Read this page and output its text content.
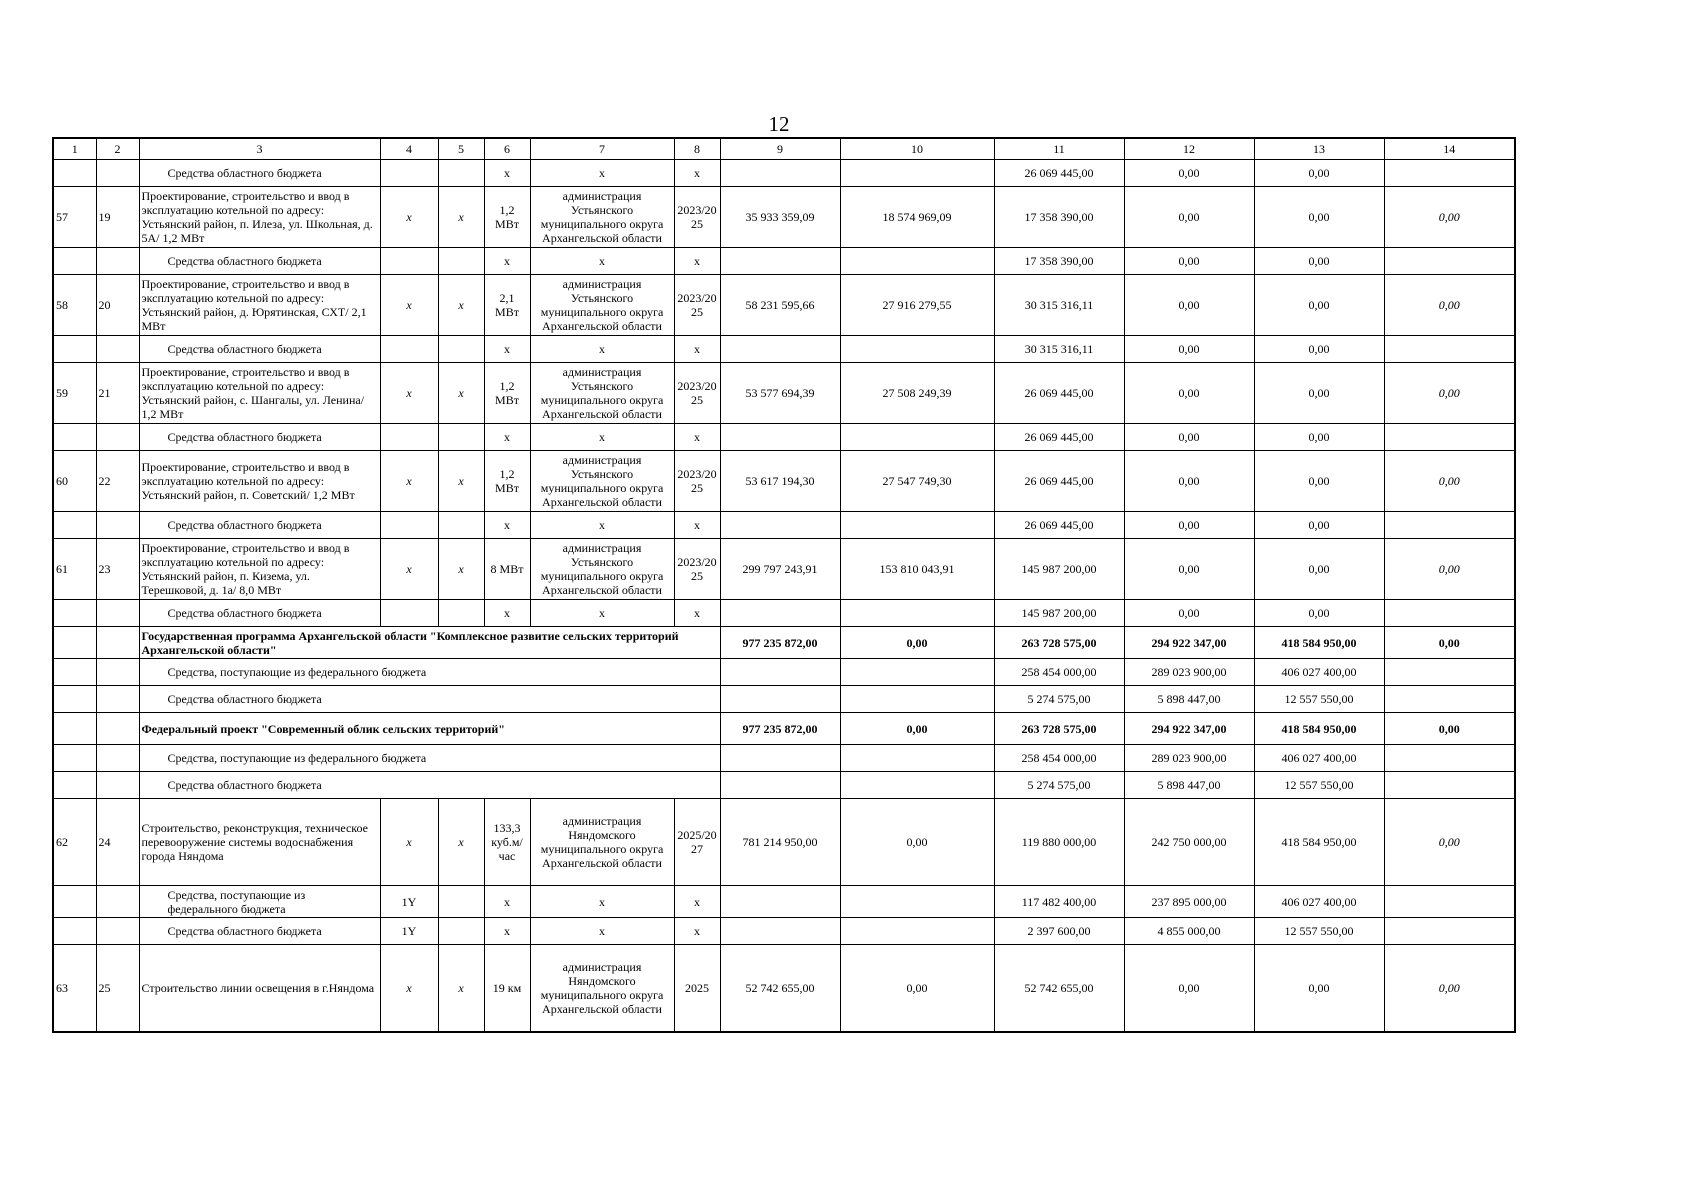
12
1	2	3	4	5	6	7	8	9	10	11	12	13	14
		Средства областного бюджета			x	x	x			26 069 445,00	0,00	0,00	
57	19	Проектирование, строительство и ввод в эксплуатацию котельной по адресу: Устьянский район, п. Илеза, ул. Школьная, д. 5А/ 1,2 МВт	x	x	1,2 МВт	администрация Устьянского муниципального округа Архангельской области	2023/2025	35 933 359,09	18 574 969,09	17 358 390,00	0,00	0,00	0,00
		Средства областного бюджета			x	x	x			17 358 390,00	0,00	0,00	
58	20	Проектирование, строительство и ввод в эксплуатацию котельной по адресу: Устьянский район, д. Юрятинская, СХТ/ 2,1 МВт	x	x	2,1 МВт	администрация Устьянского муниципального округа Архангельской области	2023/2025	58 231 595,66	27 916 279,55	30 315 316,11	0,00	0,00	0,00
		Средства областного бюджета			x	x	x			30 315 316,11	0,00	0,00	
59	21	Проектирование, строительство и ввод в эксплуатацию котельной по адресу: Устьянский район, с. Шангалы, ул. Ленина/ 1,2 МВт	x	x	1,2 МВт	администрация Устьянского муниципального округа Архангельской области	2023/2025	53 577 694,39	27 508 249,39	26 069 445,00	0,00	0,00	0,00
		Средства областного бюджета			x	x	x			26 069 445,00	0,00	0,00	
60	22	Проектирование, строительство и ввод в эксплуатацию котельной по адресу: Устьянский район, п. Советский/ 1,2 МВт	x	x	1,2 МВт	администрация Устьянского муниципального округа Архангельской области	2023/2025	53 617 194,30	27 547 749,30	26 069 445,00	0,00	0,00	0,00
		Средства областного бюджета			x	x	x			26 069 445,00	0,00	0,00	
61	23	Проектирование, строительство и ввод в эксплуатацию котельной по адресу: Устьянский район, п. Кизема, ул. Терешковой, д. 1а/ 8,0 МВт	x	x	8 МВт	администрация Устьянского муниципального округа Архангельской области	2023/2025	299 797 243,91	153 810 043,91	145 987 200,00	0,00	0,00	0,00
		Средства областного бюджета			x	x	x			145 987 200,00	0,00	0,00	
		Государственная программа Архангельской области "Комплексное развитие сельских территорий Архангельской области"						977 235 872,00	0,00	263 728 575,00	294 922 347,00	418 584 950,00	0,00
		Средства, поступающие из федерального бюджета								258 454 000,00	289 023 900,00	406 027 400,00	
		Средства областного бюджета								5 274 575,00	5 898 447,00	12 557 550,00	
		Федеральный проект "Современный облик сельских территорий"						977 235 872,00	0,00	263 728 575,00	294 922 347,00	418 584 950,00	0,00
		Средства, поступающие из федерального бюджета								258 454 000,00	289 023 900,00	406 027 400,00	
		Средства областного бюджета								5 274 575,00	5 898 447,00	12 557 550,00	
62	24	Строительство, реконструкция, техническое перевооружение системы водоснабжения города Няндома	x	x	133,3 куб.м/час	администрация Няндомского муниципального округа Архангельской области	2025/2027	781 214 950,00	0,00	119 880 000,00	242 750 000,00	418 584 950,00	0,00
		Средства, поступающие из федерального бюджета	1Y		x	x	x			117 482 400,00	237 895 000,00	406 027 400,00	
		Средства областного бюджета	1Y		x	x	x			2 397 600,00	4 855 000,00	12 557 550,00	
63	25	Строительство линии освещения в г.Няндома	x	x	19 км	администрация Няндомского муниципального округа Архангельской области	2025	52 742 655,00	0,00	52 742 655,00	0,00	0,00	0,00
